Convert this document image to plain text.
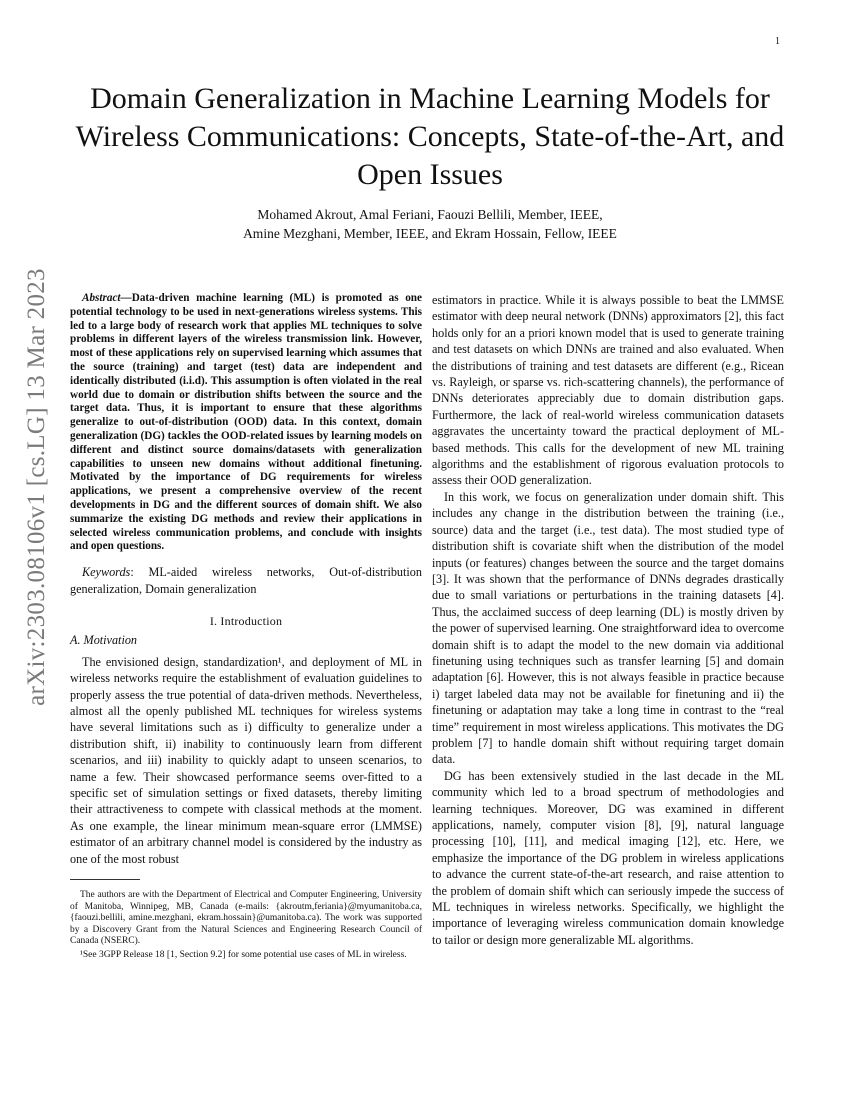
1
arXiv:2303.08106v1 [cs.LG] 13 Mar 2023
Domain Generalization in Machine Learning Models for Wireless Communications: Concepts, State-of-the-Art, and Open Issues
Mohamed Akrout, Amal Feriani, Faouzi Bellili, Member, IEEE,
Amine Mezghani, Member, IEEE, and Ekram Hossain, Fellow, IEEE

Abstract—Data-driven machine learning (ML) is promoted as one potential technology to be used in next-generations wireless systems. This led to a large body of research work that applies ML techniques to solve problems in different layers of the wireless transmission link. However, most of these applications rely on supervised learning which assumes that the source (training) and target (test) data are independent and identically distributed (i.i.d). This assumption is often violated in the real world due to domain or distribution shifts between the source and the target data. Thus, it is important to ensure that these algorithms generalize to out-of-distribution (OOD) data. In this context, domain generalization (DG) tackles the OOD-related issues by learning models on different and distinct source domains/datasets with generalization capabilities to unseen new domains without additional finetuning. Motivated by the importance of DG requirements for wireless applications, we present a comprehensive overview of the recent developments in DG and the different sources of domain shift. We also summarize the existing DG methods and review their applications in selected wireless communication problems, and conclude with insights and open questions.

Keywords: ML-aided wireless networks, Out-of-distribution generalization, Domain generalization

I. Introduction

A. Motivation

The envisioned design, standardization¹, and deployment of ML in wireless networks require the establishment of evaluation guidelines to properly assess the true potential of data-driven methods. Nevertheless, almost all the openly published ML techniques for wireless systems have several limitations such as i) difficulty to generalize under a distribution shift, ii) inability to continuously learn from different scenarios, and iii) inability to quickly adapt to unseen scenarios, to name a few. Their showcased performance seems over-fitted to a specific set of simulation settings or fixed datasets, thereby limiting their attractiveness to compete with classical methods at the moment. As one example, the linear minimum mean-square error (LMMSE) estimator of an arbitrary channel model is considered by the industry as one of the most robust

The authors are with the Department of Electrical and Computer Engineering, University of Manitoba, Winnipeg, MB, Canada (e-mails: {akroutm,feriania}@myumanitoba.ca, {faouzi.bellili, amine.mezghani, ekram.hossain}@umanitoba.ca). The work was supported by a Discovery Grant from the Natural Sciences and Engineering Research Council of Canada (NSERC).

¹See 3GPP Release 18 [1, Section 9.2] for some potential use cases of ML in wireless.

estimators in practice. While it is always possible to beat the LMMSE estimator with deep neural network (DNNs) approximators [2], this fact holds only for an a priori known model that is used to generate training and test datasets on which DNNs are trained and also evaluated. When the distributions of training and test datasets are different (e.g., Ricean vs. Rayleigh, or sparse vs. rich-scattering channels), the performance of DNNs deteriorates appreciably due to domain distribution gaps. Furthermore, the lack of real-world wireless communication datasets aggravates the uncertainty toward the practical deployment of ML-based methods. This calls for the development of new ML training algorithms and the establishment of rigorous evaluation protocols to assess their OOD generalization.

In this work, we focus on generalization under domain shift. This includes any change in the distribution between the training (i.e., source) data and the target (i.e., test data). The most studied type of distribution shift is covariate shift when the distribution of the model inputs (or features) changes between the source and the target domains [3]. It was shown that the performance of DNNs degrades drastically due to small variations or perturbations in the training datasets [4]. Thus, the acclaimed success of deep learning (DL) is mostly driven by the power of supervised learning. One straightforward idea to overcome domain shift is to adapt the model to the new domain via additional finetuning using techniques such as transfer learning [5] and domain adaptation [6]. However, this is not always feasible in practice because i) target labeled data may not be available for finetuning and ii) the finetuning or adaptation may take a long time in contrast to the “real time” requirement in most wireless applications. This motivates the DG problem [7] to handle domain shift without requiring target domain data.

DG has been extensively studied in the last decade in the ML community which led to a broad spectrum of methodologies and learning techniques. Moreover, DG was examined in different applications, namely, computer vision [8], [9], natural language processing [10], [11], and medical imaging [12], etc. Here, we emphasize the importance of the DG problem in wireless applications to advance the current state-of-the-art research, and raise attention to the problem of domain shift which can seriously impede the success of ML techniques in wireless networks. Specifically, we highlight the importance of leveraging wireless communication domain knowledge to tailor or design more generalizable ML algorithms.
